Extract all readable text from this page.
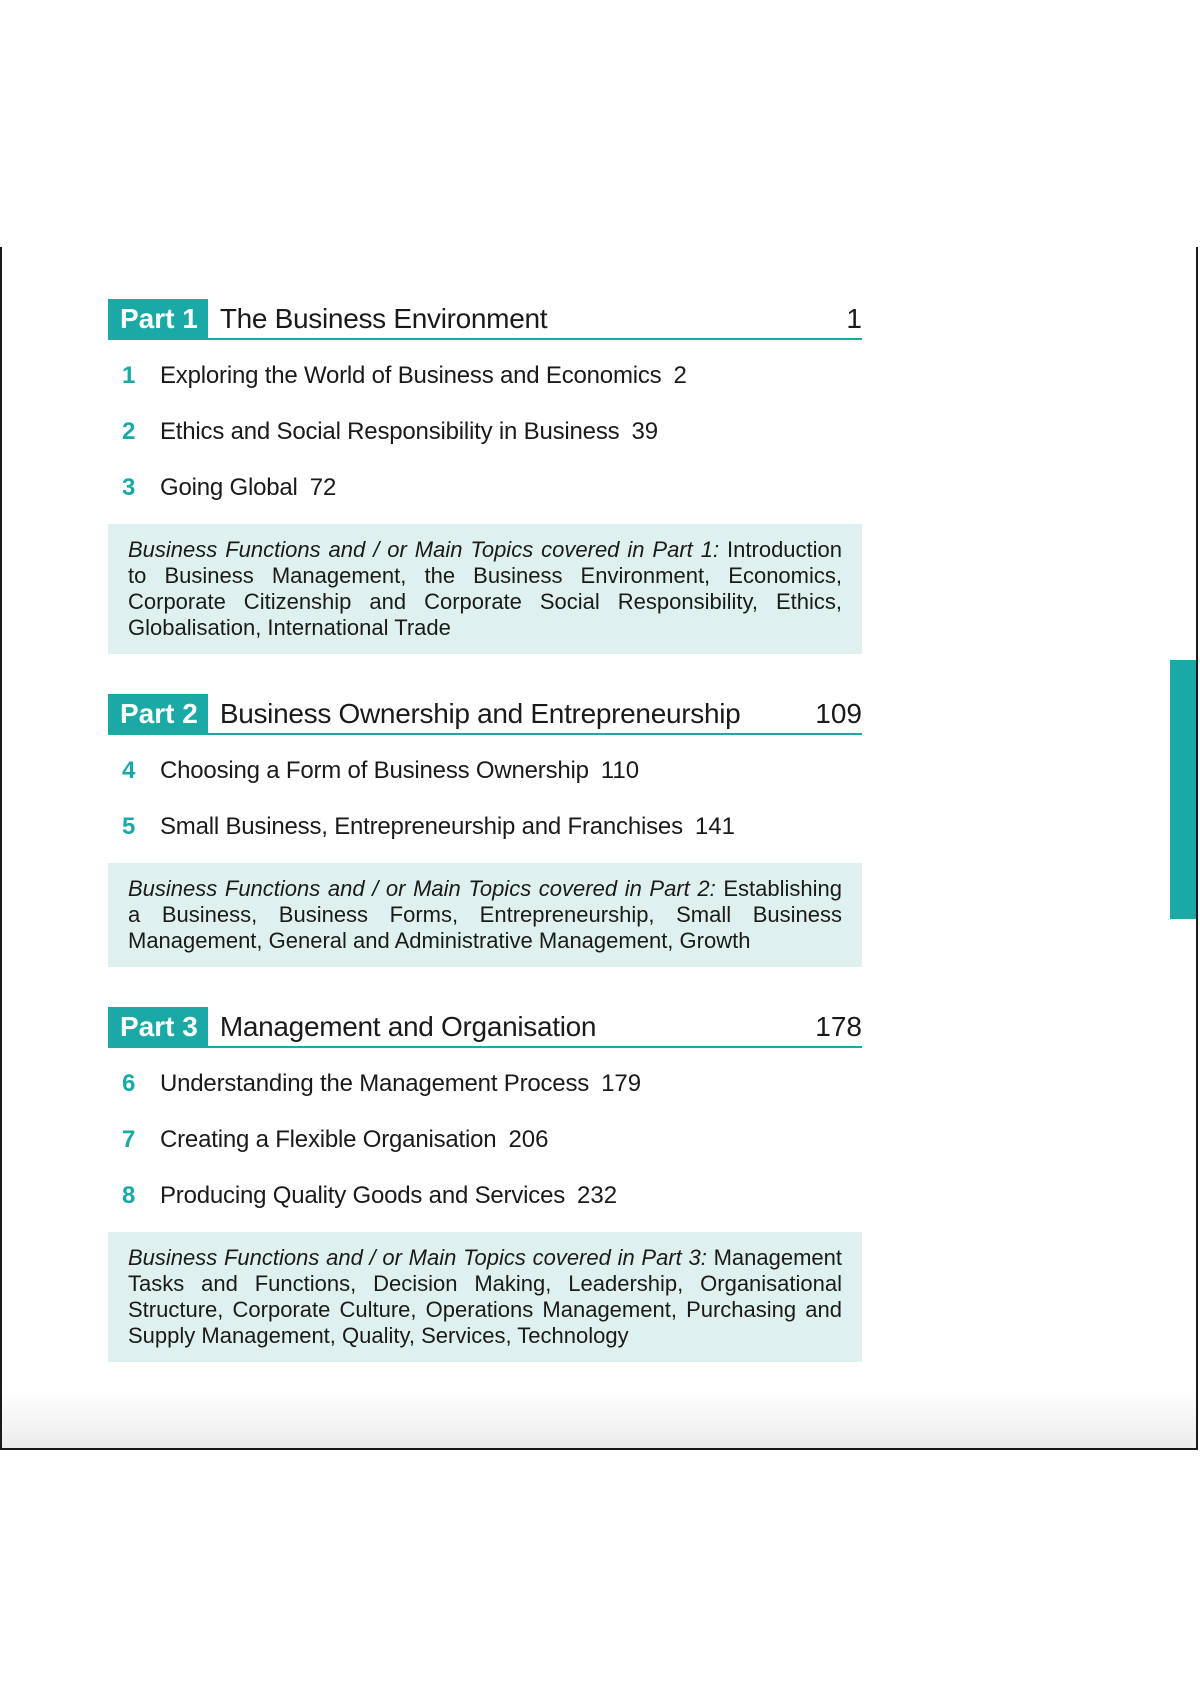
Part 1 The Business Environment	1
1 Exploring the World of Business and Economics 2
2 Ethics and Social Responsibility in Business 39
3 Going Global 72
Business Functions and / or Main Topics covered in Part 1: Introduction to Business Management, the Business Environment, Economics, Corporate Citizenship and Corporate Social Responsibility, Ethics, Globalisation, International Trade
Part 2 Business Ownership and Entrepreneurship	109
4 Choosing a Form of Business Ownership 110
5 Small Business, Entrepreneurship and Franchises 141
Business Functions and / or Main Topics covered in Part 2: Establishing a Business, Business Forms, Entrepreneurship, Small Business Management, General and Administrative Management, Growth
Part 3 Management and Organisation	178
6 Understanding the Management Process 179
7 Creating a Flexible Organisation 206
8 Producing Quality Goods and Services 232
Business Functions and / or Main Topics covered in Part 3: Management Tasks and Functions, Decision Making, Leadership, Organisational Structure, Corporate Culture, Operations Management, Purchasing and Supply Management, Quality, Services, Technology
